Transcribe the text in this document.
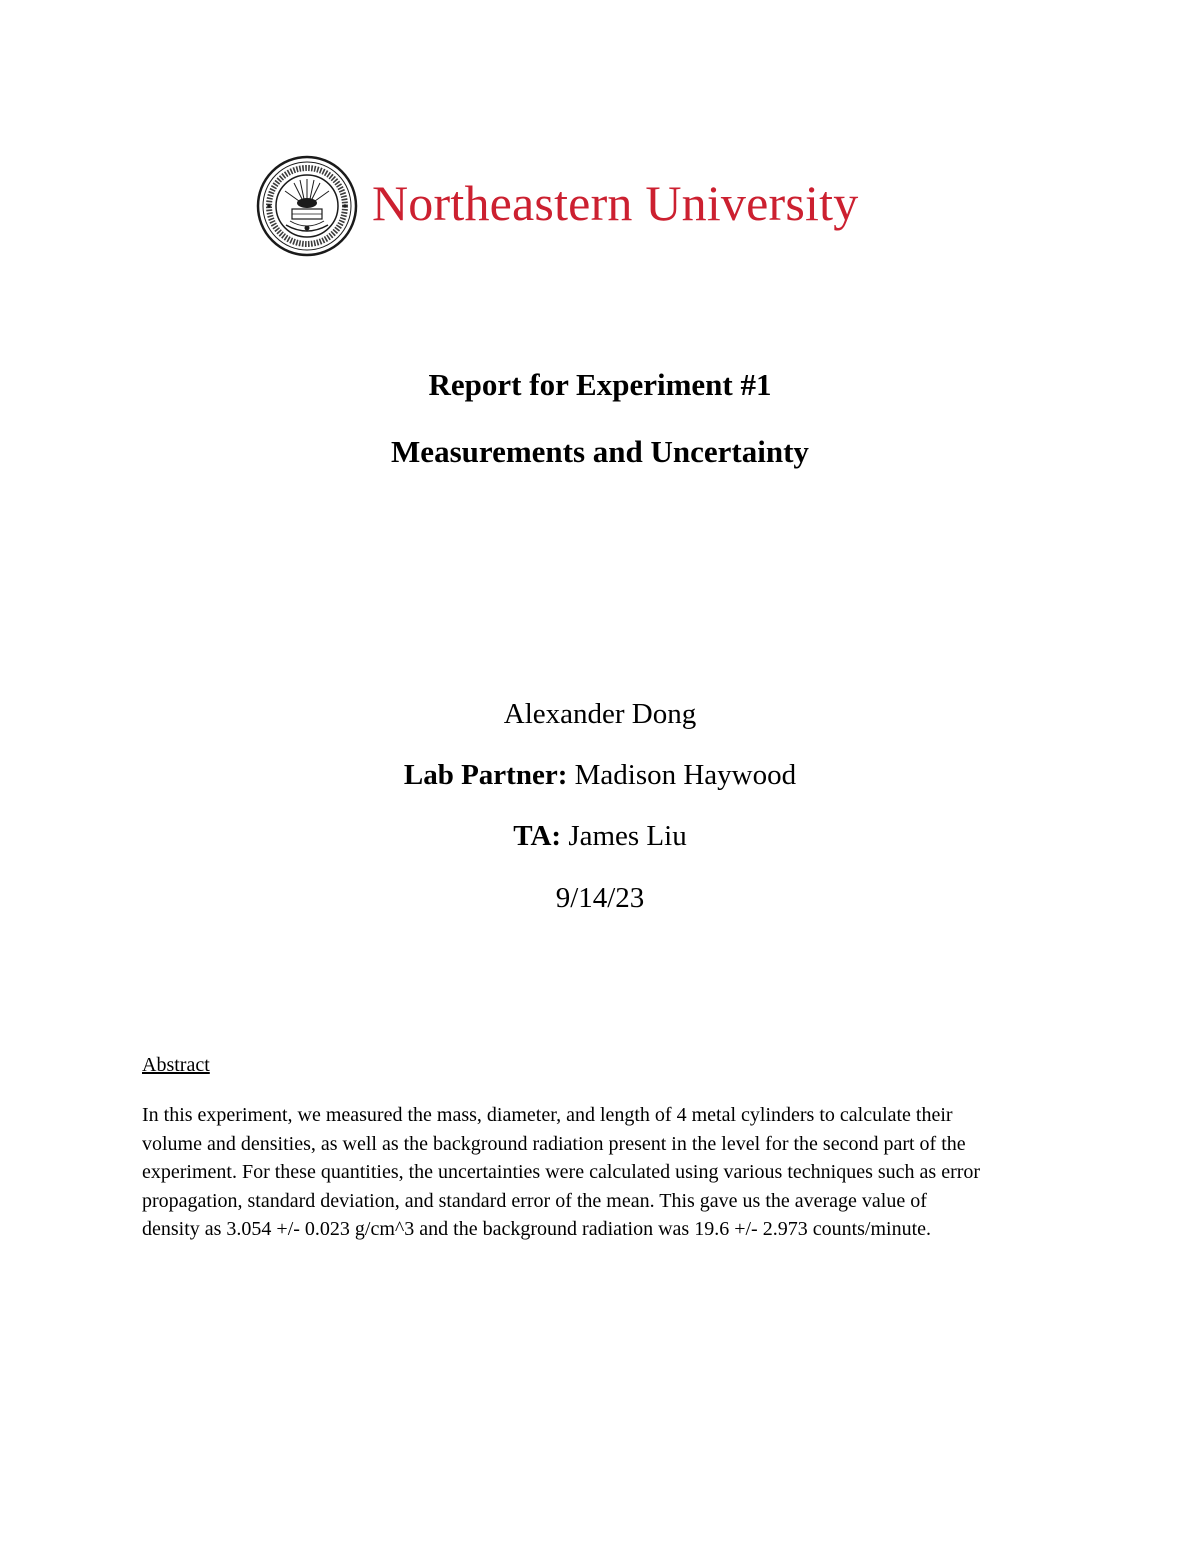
Northeastern University
Report for Experiment #1
Measurements and Uncertainty
Alexander Dong
Lab Partner: Madison Haywood
TA: James Liu
9/14/23
Abstract
In this experiment, we measured the mass, diameter, and length of 4 metal cylinders to calculate their
volume and densities, as well as the background radiation present in the level for the second part of the
experiment. For these quantities, the uncertainties were calculated using various techniques such as error
propagation, standard deviation, and standard error of the mean. This gave us the average value of
density as 3.054 +/- 0.023 g/cm^3 and the background radiation was 19.6 +/- 2.973 counts/minute.
